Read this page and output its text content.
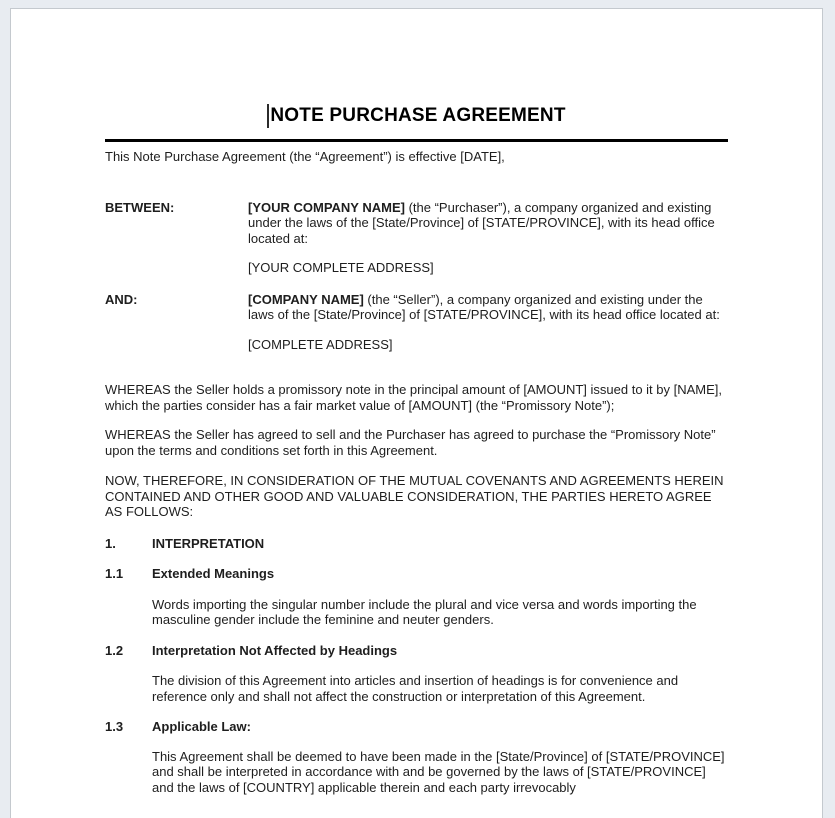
NOTE PURCHASE AGREEMENT

This Note Purchase Agreement (the “Agreement”) is effective [DATE],

BETWEEN:	[YOUR COMPANY NAME] (the “Purchaser”), a company organized and existing under the laws of the [State/Province] of [STATE/PROVINCE], with its head office located at:

[YOUR COMPLETE ADDRESS]

AND:	[COMPANY NAME] (the “Seller”), a company organized and existing under the laws of the [State/Province] of [STATE/PROVINCE], with its head office located at:

[COMPLETE ADDRESS]

WHEREAS the Seller holds a promissory note in the principal amount of [AMOUNT] issued to it by [NAME], which the parties consider has a fair market value of [AMOUNT] (the “Promissory Note”);

WHEREAS the Seller has agreed to sell and the Purchaser has agreed to purchase the “Promissory Note” upon the terms and conditions set forth in this Agreement.

NOW, THEREFORE, IN CONSIDERATION OF THE MUTUAL COVENANTS AND AGREEMENTS HEREIN CONTAINED AND OTHER GOOD AND VALUABLE CONSIDERATION, THE PARTIES HERETO AGREE AS FOLLOWS:

1.	INTERPRETATION
1.1	Extended Meanings

Words importing the singular number include the plural and vice versa and words importing the masculine gender include the feminine and neuter genders.

1.2	Interpretation Not Affected by Headings

The division of this Agreement into articles and insertion of headings is for convenience and reference only and shall not affect the construction or interpretation of this Agreement.

1.3	Applicable Law:

This Agreement shall be deemed to have been made in the [State/Province] of [STATE/PROVINCE] and shall be interpreted in accordance with and be governed by the laws of [STATE/PROVINCE] and the laws of [COUNTRY] applicable therein and each party irrevocably
